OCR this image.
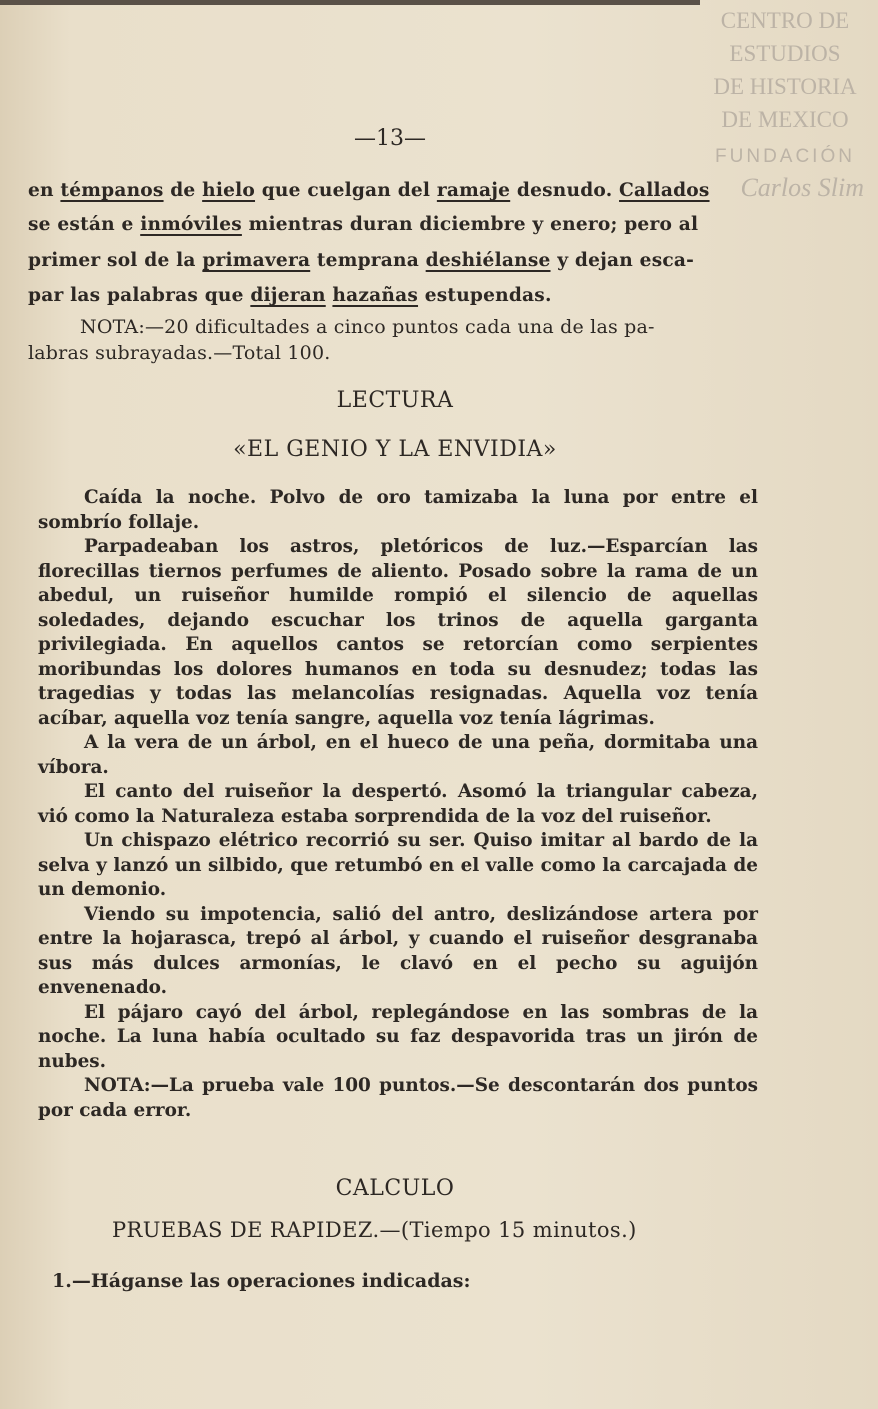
CENTRO DE
ESTUDIOS
DE HISTORIA
DE MEXICO
FUNDACIÓN
Carlos Slim
—13—
en témpanos de hielo que cuelgan del ramaje desnudo. Callados
se están e inmóviles mientras duran diciembre y enero; pero al
primer sol de la primavera temprana deshiélanse y dejan esca-
par las palabras que dijeran hazañas estupendas.
NOTA:—20 dificultades a cinco puntos cada una de las pa-
labras subrayadas.—Total 100.
LECTURA
«EL GENIO Y LA ENVIDIA»

Caída la noche. Polvo de oro tamizaba la luna por entre el sombrío follaje.

Parpadeaban los astros, pletóricos de luz.—Esparcían las florecillas tiernos perfumes de aliento. Posado sobre la rama de un abedul, un ruiseñor humilde rompió el silencio de aquellas soledades, dejando escuchar los trinos de aquella garganta privilegiada. En aquellos cantos se retorcían como serpientes moribundas los dolores humanos en toda su desnudez; todas las tragedias y todas las melancolías resignadas. Aquella voz tenía acíbar, aquella voz tenía sangre, aquella voz tenía lágrimas.

A la vera de un árbol, en el hueco de una peña, dormitaba una víbora.

El canto del ruiseñor la despertó. Asomó la triangular cabeza, vió como la Naturaleza estaba sorprendida de la voz del ruiseñor.

Un chispazo elétrico recorrió su ser. Quiso imitar al bardo de la selva y lanzó un silbido, que retumbó en el valle como la carcajada de un demonio.

Viendo su impotencia, salió del antro, deslizándose artera por entre la hojarasca, trepó al árbol, y cuando el ruiseñor desgranaba sus más dulces armonías, le clavó en el pecho su aguijón envenenado.

El pájaro cayó del árbol, replegándose en las sombras de la noche. La luna había ocultado su faz despavorida tras un jirón de nubes.

NOTA:—La prueba vale 100 puntos.—Se descontarán dos puntos por cada error.

CALCULO
PRUEBAS DE RAPIDEZ.—(Tiempo 15 minutos.)
1.—Háganse las operaciones indicadas:
